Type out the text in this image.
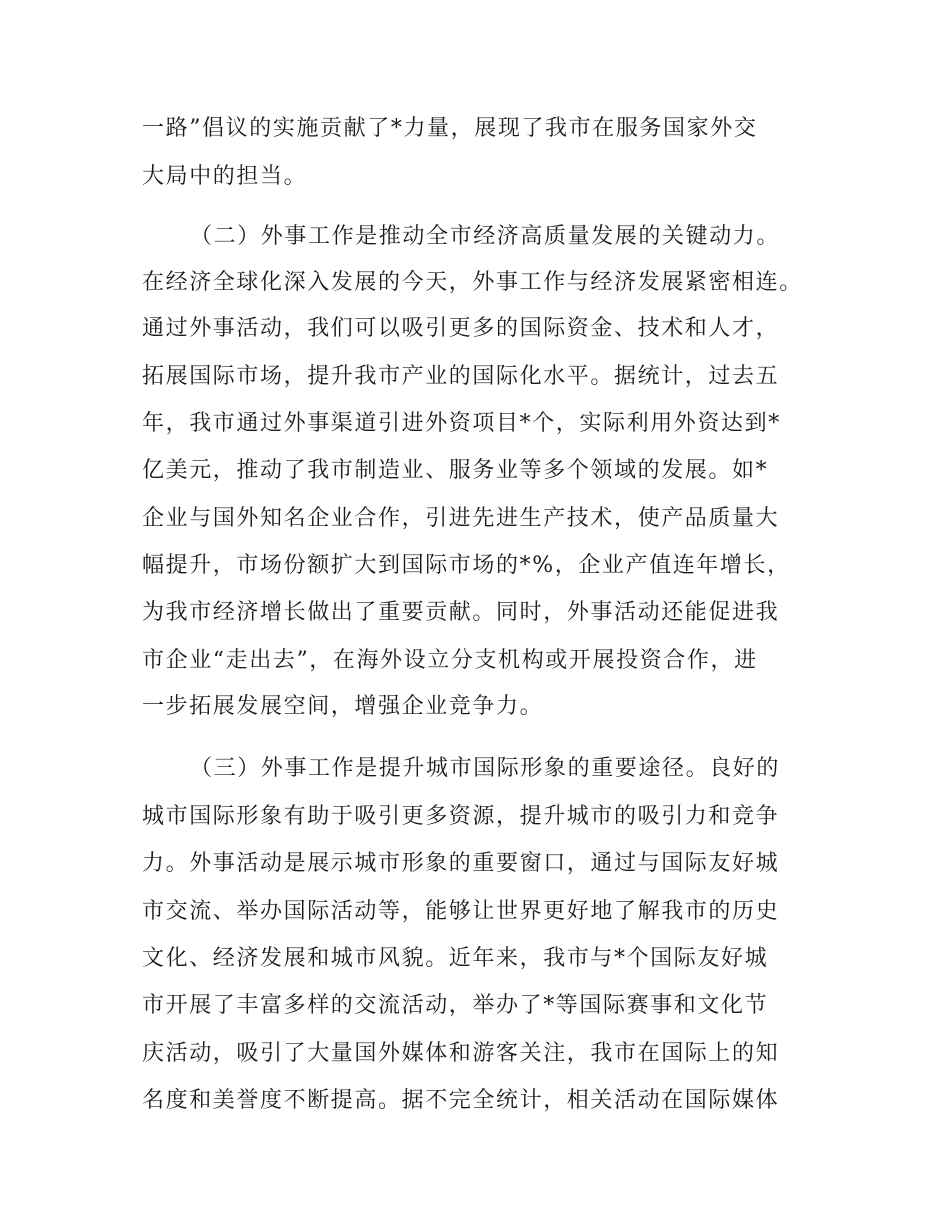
一路”倡议的实施贡献了*力量，展现了我市在服务国家外交
大局中的担当。
（二）外事工作是推动全市经济高质量发展的关键动力。
在经济全球化深入发展的今天，外事工作与经济发展紧密相连。
通过外事活动，我们可以吸引更多的国际资金、技术和人才，
拓展国际市场，提升我市产业的国际化水平。据统计，过去五
年，我市通过外事渠道引进外资项目*个，实际利用外资达到*
亿美元，推动了我市制造业、服务业等多个领域的发展。如*
企业与国外知名企业合作，引进先进生产技术，使产品质量大
幅提升，市场份额扩大到国际市场的*%，企业产值连年增长，
为我市经济增长做出了重要贡献。同时，外事活动还能促进我
市企业“走出去”，在海外设立分支机构或开展投资合作，进
一步拓展发展空间，增强企业竞争力。
（三）外事工作是提升城市国际形象的重要途径。良好的
城市国际形象有助于吸引更多资源，提升城市的吸引力和竞争
力。外事活动是展示城市形象的重要窗口，通过与国际友好城
市交流、举办国际活动等，能够让世界更好地了解我市的历史
文化、经济发展和城市风貌。近年来，我市与*个国际友好城
市开展了丰富多样的交流活动，举办了*等国际赛事和文化节
庆活动，吸引了大量国外媒体和游客关注，我市在国际上的知
名度和美誉度不断提高。据不完全统计，相关活动在国际媒体
